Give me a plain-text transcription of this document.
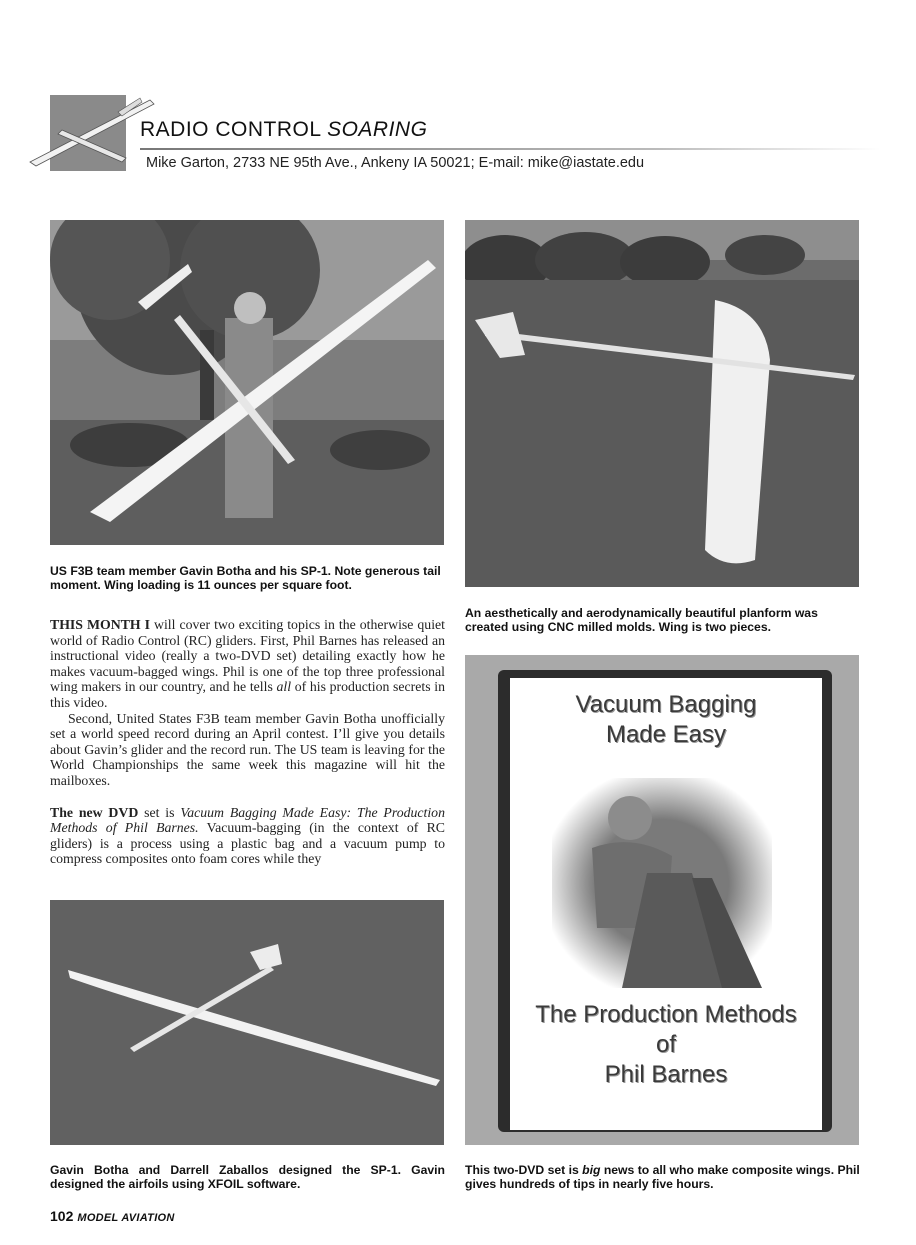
RADIO CONTROL SOARING
Mike Garton, 2733 NE 95th Ave., Ankeny IA 50021; E-mail: mike@iastate.edu
US F3B team member Gavin Botha and his SP-1. Note generous tail moment. Wing loading is 11 ounces per square foot.
An aesthetically and aerodynamically beautiful planform was created using CNC milled molds. Wing is two pieces.

THIS MONTH I will cover two exciting topics in the otherwise quiet world of Radio Control (RC) gliders. First, Phil Barnes has released an instructional video (really a two-DVD set) detailing exactly how he makes vacuum-bagged wings. Phil is one of the top three professional wing makers in our country, and he tells all of his production secrets in this video.

Second, United States F3B team member Gavin Botha unofficially set a world speed record during an April contest. I’ll give you details about Gavin’s glider and the record run. The US team is leaving for the World Championships the same week this magazine will hit the mailboxes.

The new DVD set is Vacuum Bagging Made Easy: The Production Methods of Phil Barnes. Vacuum-bagging (in the context of RC gliders) is a process using a plastic bag and a vacuum pump to compress composites onto foam cores while they

Gavin Botha and Darrell Zaballos designed the SP-1. Gavin designed the airfoils using XFOIL software.
Vacuum Bagging
Made Easy
The Production Methods
of
Phil Barnes
This two-DVD set is big news to all who make composite wings. Phil gives hundreds of tips in nearly five hours.
102 MODEL AVIATION
